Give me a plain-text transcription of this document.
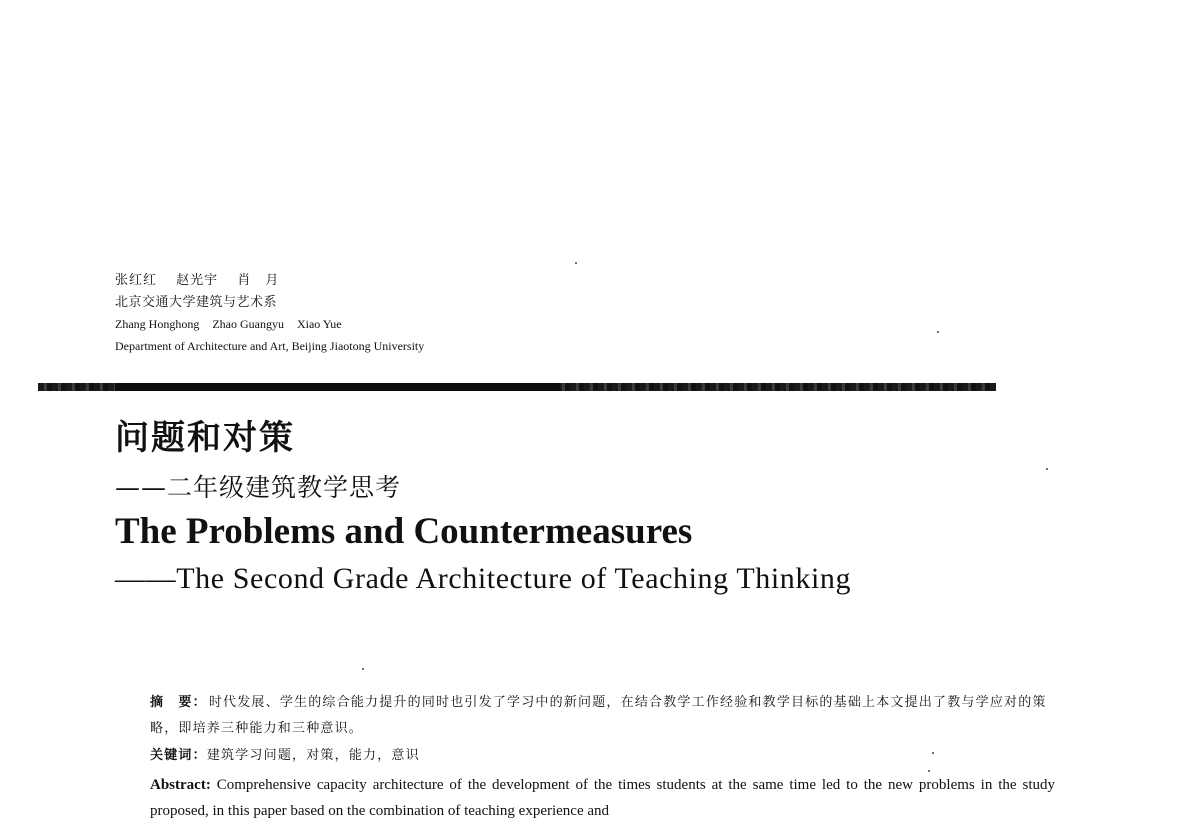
张红红 赵光宇 肖　月
北京交通大学建筑与艺术系
Zhang Honghong Zhao Guangyu Xiao Yue
Department of Architecture and Art, Beijing Jiaotong University
问题和对策
——二年级建筑教学思考
The Problems and Countermeasures
——The Second Grade Architecture of Teaching Thinking

摘　要： 时代发展、学生的综合能力提升的同时也引发了学习中的新问题，在结合教学工作经验和教学目标的基础上本文提出了教与学应对的策略，即培养三种能力和三种意识。

关键词：建筑学习问题，对策，能力，意识

Abstract: Comprehensive capacity architecture of the development of the times students at the same time led to the new problems in the study proposed, in this paper based on the combination of teaching experience and
